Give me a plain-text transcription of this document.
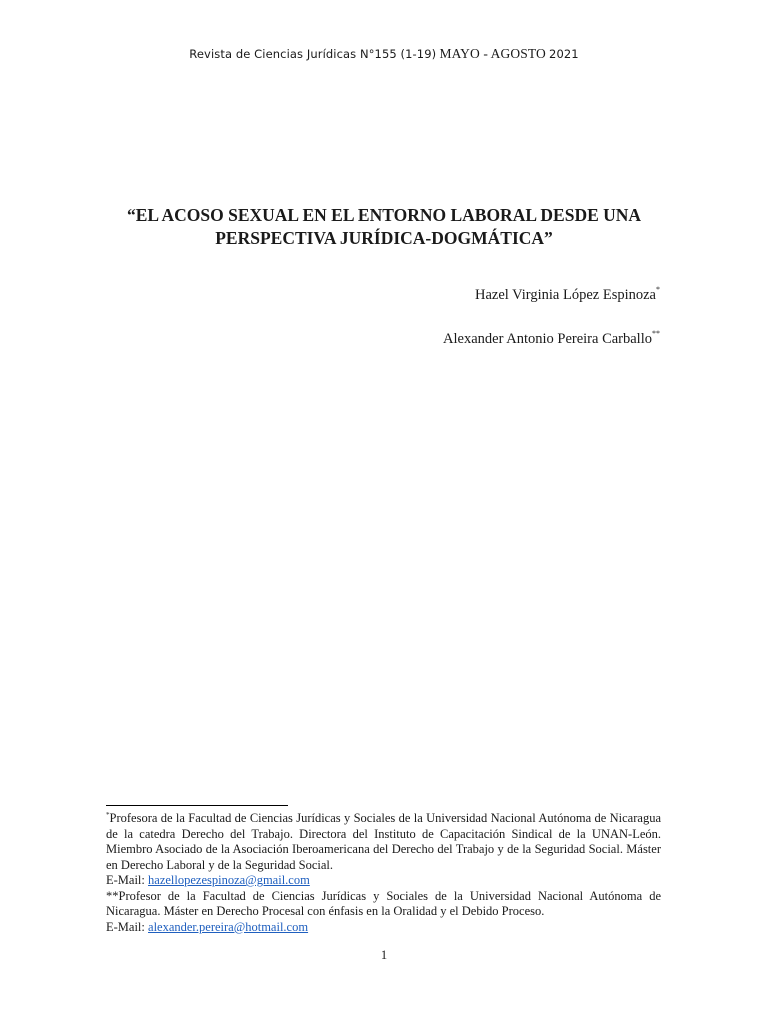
Revista de Ciencias Jurídicas N°155 (1-19) MAYO - AGOSTO 2021
“EL ACOSO SEXUAL EN EL ENTORNO LABORAL DESDE UNA
PERSPECTIVA JURÍDICA-DOGMÁTICA”
Hazel Virginia López Espinoza*
Alexander Antonio Pereira Carballo**

*Profesora de la Facultad de Ciencias Jurídicas y Sociales de la Universidad Nacional Autónoma de Nicaragua de la catedra Derecho del Trabajo. Directora del Instituto de Capacitación Sindical de la UNAN-León. Miembro Asociado de la Asociación Iberoamericana del Derecho del Trabajo y de la Seguridad Social. Máster en Derecho Laboral y de la Seguridad Social.

E-Mail: hazellopezespinoza@gmail.com

**Profesor de la Facultad de Ciencias Jurídicas y Sociales de la Universidad Nacional Autónoma de Nicaragua. Máster en Derecho Procesal con énfasis en la Oralidad y el Debido Proceso.

E-Mail: alexander.pereira@hotmail.com

1
